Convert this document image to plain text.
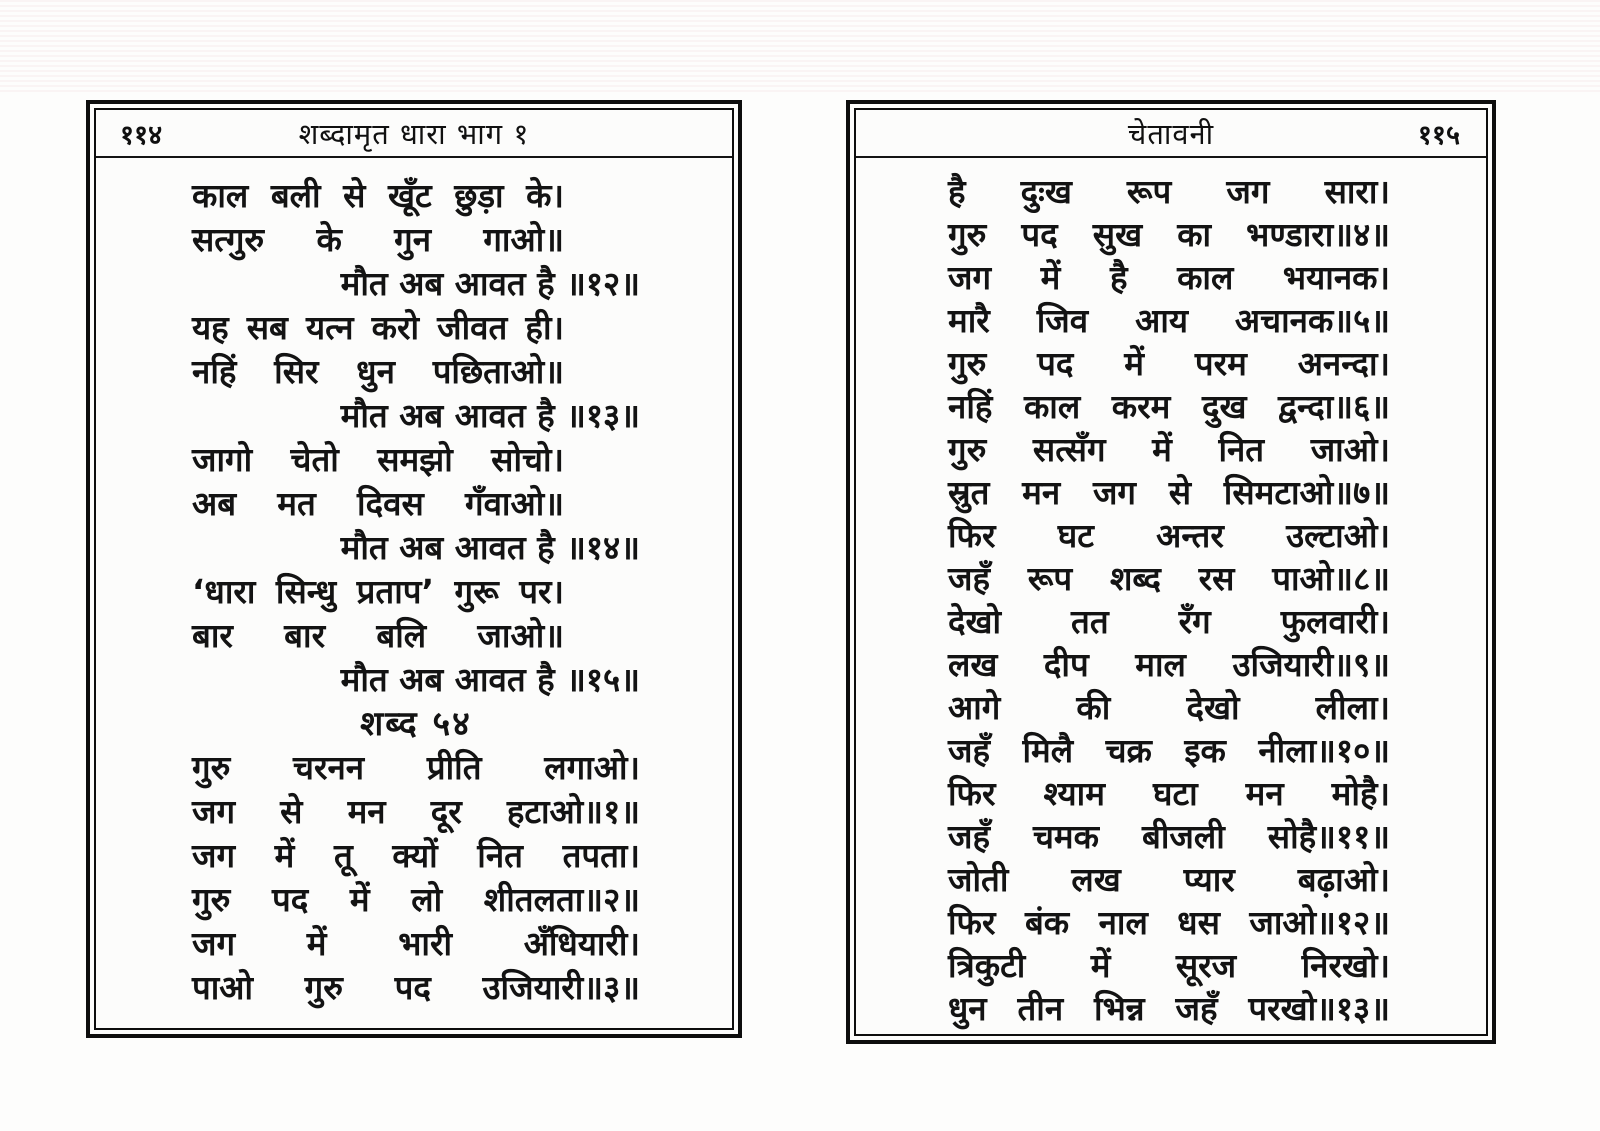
११४	शब्दामृत धारा भाग १
काल बली से खूँट छुड़ा के।
सत्गुरु के गुन गाओ॥
मौत अब आवत है ॥१२॥
यह सब यत्न करो जीवत ही।
नहिं सिर धुन पछिताओ॥
मौत अब आवत है ॥१३॥
जागो चेतो समझो सोचो।
अब मत दिवस गँवाओ॥
मौत अब आवत है ॥१४॥
‘धारा सिन्धु प्रताप’ गुरू पर।
बार बार बलि जाओ॥
मौत अब आवत है ॥१५॥
शब्द ५४
गुरु चरनन प्रीति लगाओ।
जग से मन दूर हटाओ॥१॥
जग में तू क्यों नित तपता।
गुरु पद में लो शीतलता॥२॥
जग में भारी अँधियारी।
पाओ गुरु पद उजियारी॥३॥
चेतावनी	११५
है दुःख रूप जग सारा।
गुरु पद सुख का भण्डारा॥४॥
जग में है काल भयानक।
मारै जिव आय अचानक॥५॥
गुरु पद में परम अनन्दा।
नहिं काल करम दुख द्वन्दा॥६॥
गुरु सत्सँग में नित जाओ।
स्रुत मन जग से सिमटाओ॥७॥
फिर घट अन्तर उल्टाओ।
जहँ रूप शब्द रस पाओ॥८॥
देखो तत रँग फुलवारी।
लख दीप माल उजियारी॥९॥
आगे की देखो लीला।
जहँ मिलै चक्र इक नीला॥१०॥
फिर श्याम घटा मन मोहै।
जहँ चमक बीजली सोहै॥११॥
जोती लख प्यार बढ़ाओ।
फिर बंक नाल धस जाओ॥१२॥
त्रिकुटी में सूरज निरखो।
धुन तीन भिन्न जहँ परखो॥१३॥
